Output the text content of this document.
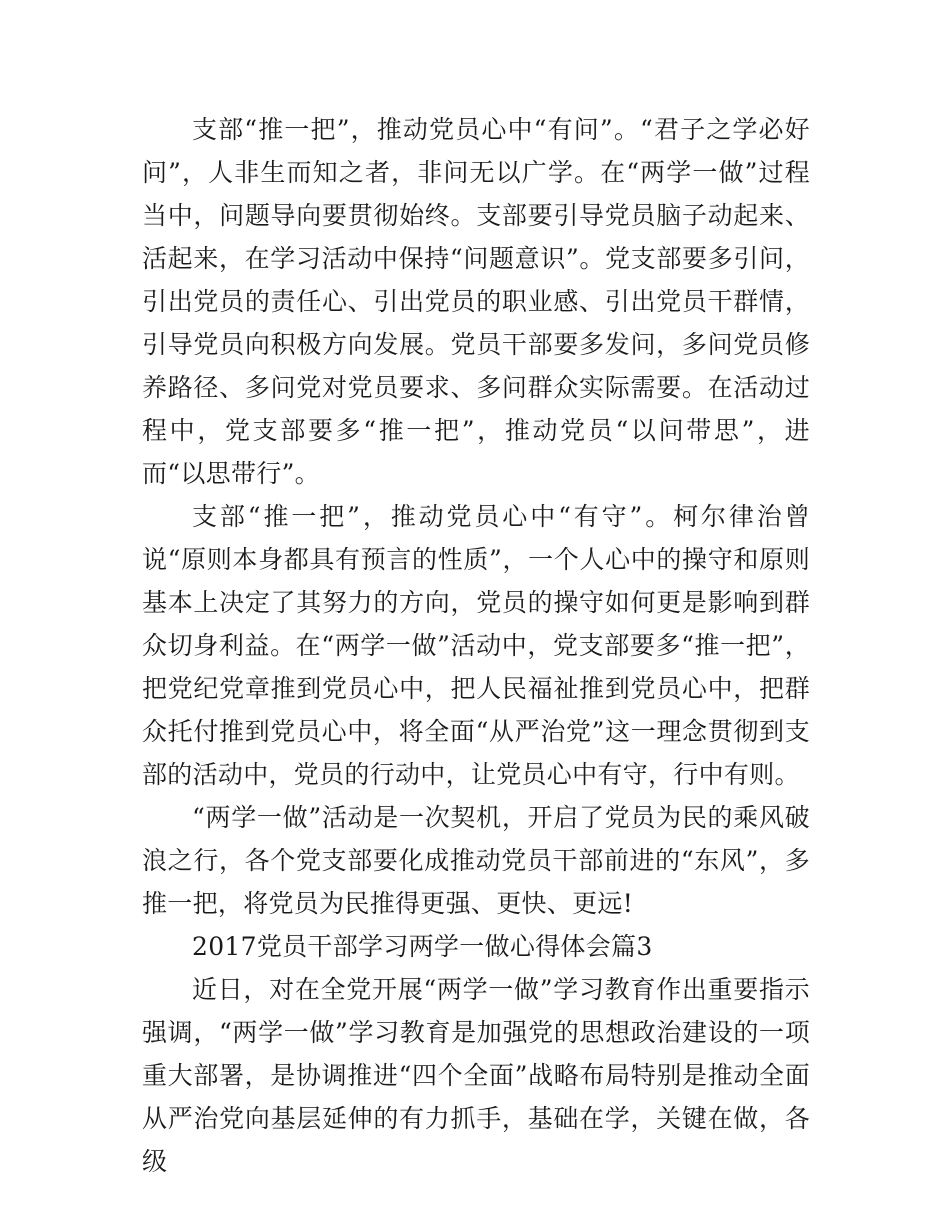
支部“推一把”，推动党员心中“有问”。“君子之学必好问”，人非生而知之者，非问无以广学。在“两学一做”过程当中，问题导向要贯彻始终。支部要引导党员脑子动起来、活起来，在学习活动中保持“问题意识”。党支部要多引问，引出党员的责任心、引出党员的职业感、引出党员干群情，引导党员向积极方向发展。党员干部要多发问，多问党员修养路径、多问党对党员要求、多问群众实际需要。在活动过程中，党支部要多“推一把”，推动党员“以问带思”，进而“以思带行”。

支部“推一把”，推动党员心中“有守”。柯尔律治曾说“原则本身都具有预言的性质”，一个人心中的操守和原则基本上决定了其努力的方向，党员的操守如何更是影响到群众切身利益。在“两学一做”活动中，党支部要多“推一把”，把党纪党章推到党员心中，把人民福祉推到党员心中，把群众托付推到党员心中，将全面“从严治党”这一理念贯彻到支部的活动中，党员的行动中，让党员心中有守，行中有则。

“两学一做”活动是一次契机，开启了党员为民的乘风破浪之行，各个党支部要化成推动党员干部前进的“东风”，多推一把，将党员为民推得更强、更快、更远!

2017党员干部学习两学一做心得体会篇3

近日，对在全党开展“两学一做”学习教育作出重要指示强调，“两学一做”学习教育是加强党的思想政治建设的一项重大部署，是协调推进“四个全面”战略布局特别是推动全面从严治党向基层延伸的有力抓手，基础在学，关键在做，各级
